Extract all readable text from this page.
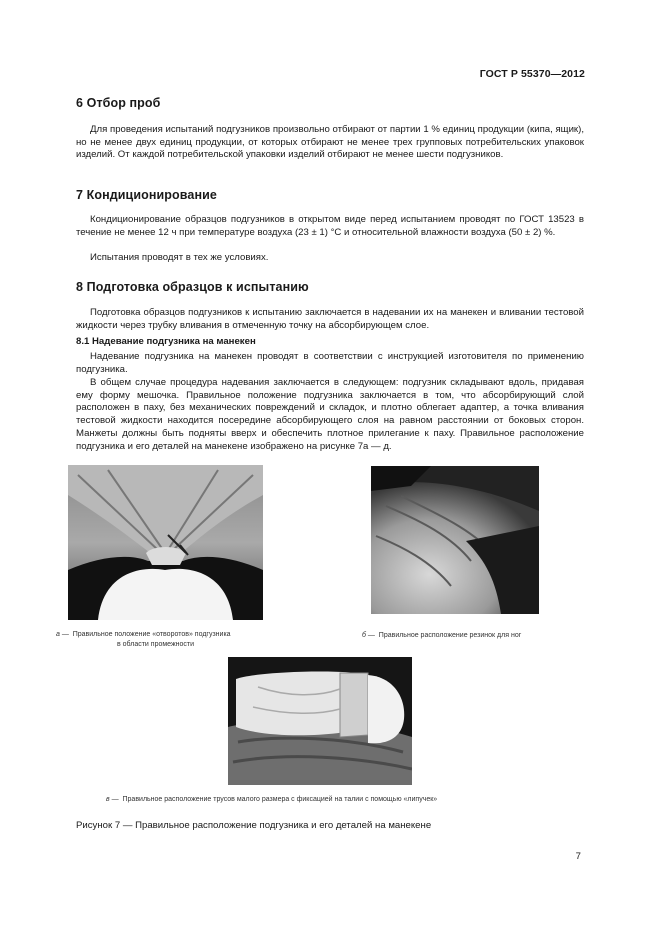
ГОСТ Р 55370—2012
6 Отбор проб

Для проведения испытаний подгузников произвольно отбирают от партии 1 % единиц продукции (кипа, ящик), но не менее двух единиц продукции, от которых отбирают не менее трех групповых потребительских упаковок изделий. От каждой потребительской упаковки изделий отбирают не менее шести подгузников.

7 Кондиционирование

Кондиционирование образцов подгузников в открытом виде перед испытанием проводят по ГОСТ 13523 в течение не менее 12 ч при температуре воздуха (23 ± 1) °С и относительной влажности воздуха (50 ± 2) %.

Испытания проводят в тех же условиях.

8 Подготовка образцов к испытанию

Подготовка образцов подгузников к испытанию заключается в надевании их на манекен и вливании тестовой жидкости через трубку вливания в отмеченную точку на абсорбирующем слое.

8.1 Надевание подгузника на манекен

Надевание подгузника на манекен проводят в соответствии с инструкцией изготовителя по применению подгузника.

В общем случае процедура надевания заключается в следующем: подгузник складывают вдоль, придавая ему форму мешочка. Правильное положение подгузника заключается в том, что абсорбирующий слой расположен в паху, без механических повреждений и складок, и плотно облегает адаптер, а точка вливания тестовой жидкости находится посередине абсорбирующего слоя на равном расстоянии от боковых сторон. Манжеты должны быть подняты вверх и обеспечить плотное прилегание к паху. Правильное расположение подгузника и его деталей на манекене изображено на рисунке 7а — д.

а — Правильное положение «отворотов» подгузника
в области промежности
б — Правильное расположение резинок для ног
в — Правильное расположение трусов малого размера с фиксацией на талии с помощью «липучек»
Рисунок 7 — Правильное расположение подгузника и его деталей на манекене
7
